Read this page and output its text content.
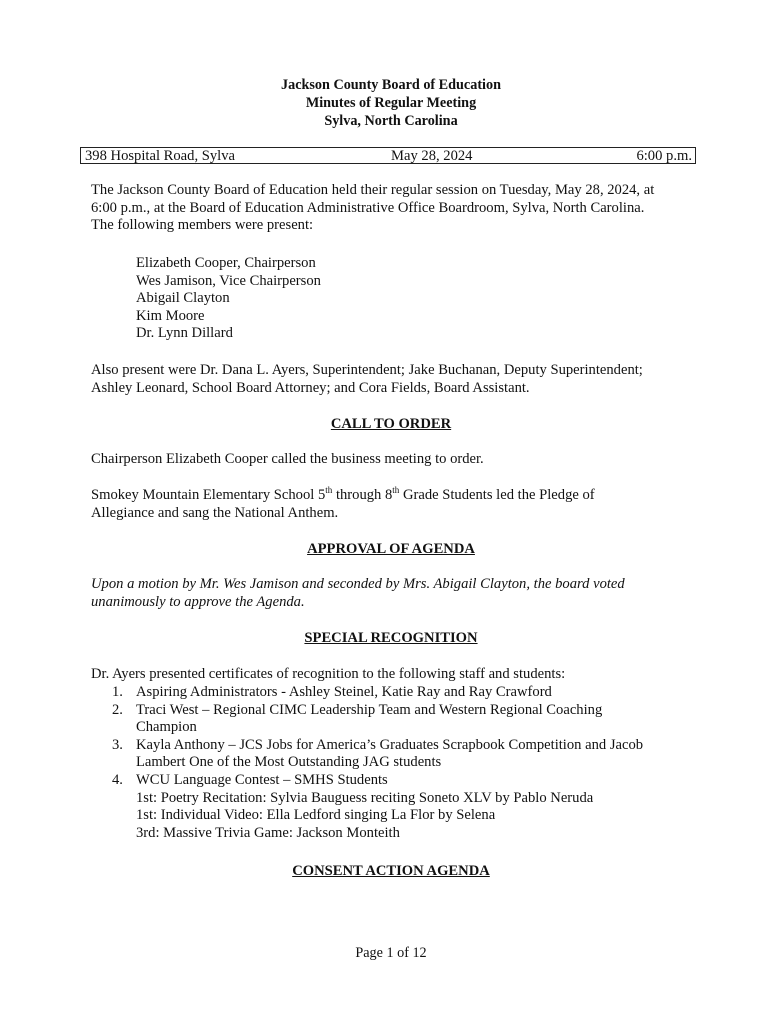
Jackson County Board of Education
Minutes of Regular Meeting
Sylva, North Carolina
398 Hospital Road, Sylva	May 28, 2024	6:00 p.m.

The Jackson County Board of Education held their regular session on Tuesday, May 28, 2024, at

6:00 p.m., at the Board of Education Administrative Office Boardroom, Sylva, North Carolina.

The following members were present:

Elizabeth Cooper, Chairperson

Wes Jamison, Vice Chairperson

Abigail Clayton

Kim Moore

Dr. Lynn Dillard

Also present were Dr. Dana L. Ayers, Superintendent; Jake Buchanan, Deputy Superintendent;

Ashley Leonard, School Board Attorney; and Cora Fields, Board Assistant.

CALL TO ORDER

Chairperson Elizabeth Cooper called the business meeting to order.

Smokey Mountain Elementary School 5th through 8th Grade Students led the Pledge of

Allegiance and sang the National Anthem.

APPROVAL OF AGENDA

Upon a motion by Mr. Wes Jamison and seconded by Mrs. Abigail Clayton, the board voted

unanimously to approve the Agenda.

SPECIAL RECOGNITION

Dr. Ayers presented certificates of recognition to the following staff and students:

1. Aspiring Administrators - Ashley Steinel, Katie Ray and Ray Crawford

2. Traci West – Regional CIMC Leadership Team and Western Regional Coaching

Champion

3. Kayla Anthony – JCS Jobs for America’s Graduates Scrapbook Competition and Jacob

Lambert One of the Most Outstanding JAG students

4. WCU Language Contest – SMHS Students

1st: Poetry Recitation: Sylvia Bauguess reciting Soneto XLV by Pablo Neruda

1st: Individual Video: Ella Ledford singing La Flor by Selena

3rd: Massive Trivia Game: Jackson Monteith

CONSENT ACTION AGENDA
Page 1 of 12
